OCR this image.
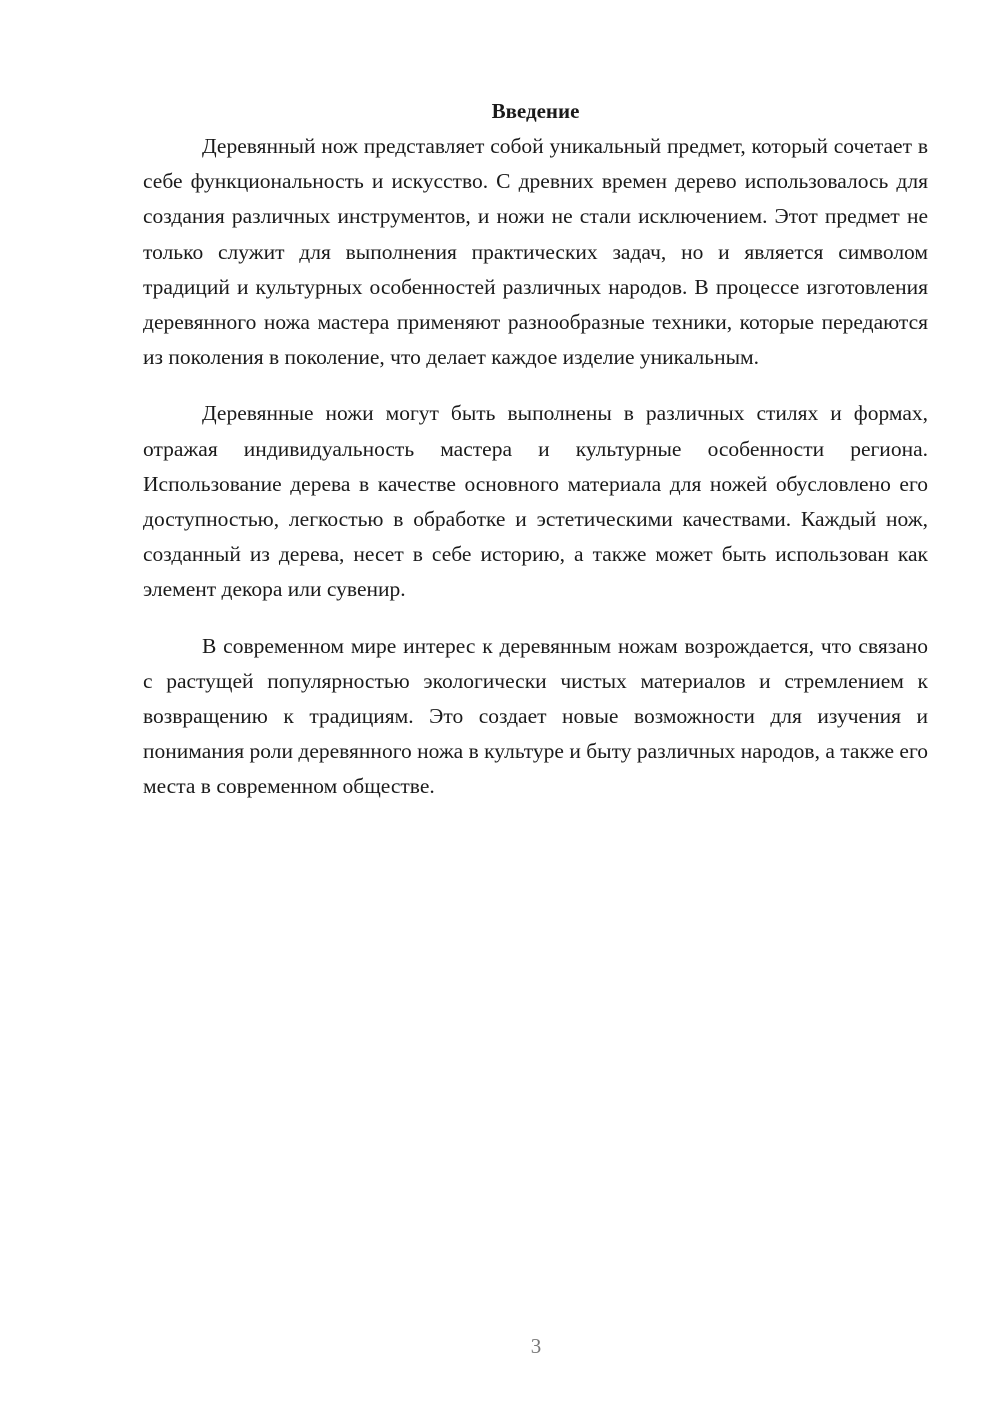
Введение

Деревянный нож представляет собой уникальный предмет, который сочетает в себе функциональность и искусство. С древних времен дерево использовалось для создания различных инструментов, и ножи не стали исключением. Этот предмет не только служит для выполнения практических задач, но и является символом традиций и культурных особенностей различных народов. В процессе изготовления деревянного ножа мастера применяют разнообразные техники, которые передаются из поколения в поколение, что делает каждое изделие уникальным.

Деревянные ножи могут быть выполнены в различных стилях и формах, отражая индивидуальность мастера и культурные особенности региона. Использование дерева в качестве основного материала для ножей обусловлено его доступностью, легкостью в обработке и эстетическими качествами. Каждый нож, созданный из дерева, несет в себе историю, а также может быть использован как элемент декора или сувенир.

В современном мире интерес к деревянным ножам возрождается, что связано с растущей популярностью экологически чистых материалов и стремлением к возвращению к традициям. Это создает новые возможности для изучения и понимания роли деревянного ножа в культуре и быту различных народов, а также его места в современном обществе.

3
